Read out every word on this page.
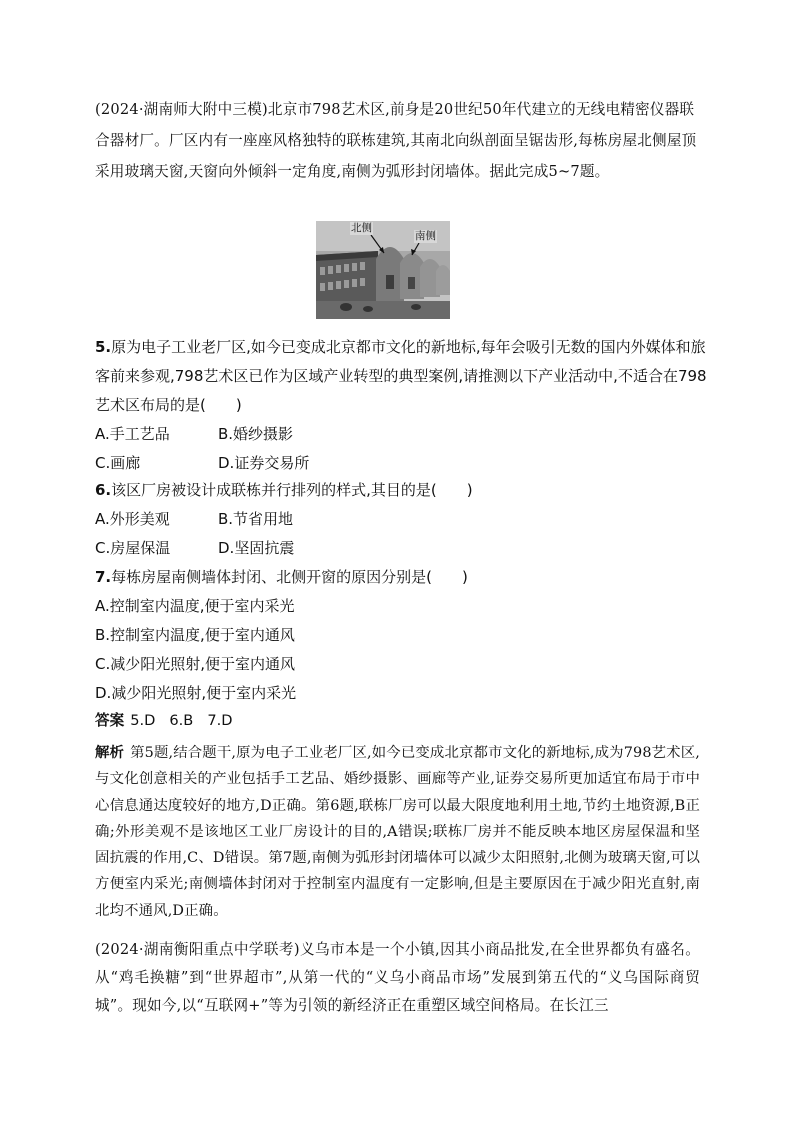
(2024·湖南师大附中三模)北京市798艺术区,前身是20世纪50年代建立的无线电精密仪器联合器材厂。厂区内有一座座风格独特的联栋建筑,其南北向纵剖面呈锯齿形,每栋房屋北侧屋顶采用玻璃天窗,天窗向外倾斜一定角度,南侧为弧形封闭墙体。据此完成5~7题。

北侧
南侧

5.原为电子工业老厂区,如今已变成北京都市文化的新地标,每年会吸引无数的国内外媒体和旅客前来参观,798艺术区已作为区域产业转型的典型案例,请推测以下产业活动中,不适合在798艺术区布局的是(　　)

A.手工艺品	B.婚纱摄影
C.画廊	D.证券交易所

6.该区厂房被设计成联栋并行排列的样式,其目的是(　　)

A.外形美观	B.节省用地
C.房屋保温	D.坚固抗震

7.每栋房屋南侧墙体封闭、北侧开窗的原因分别是(　　)

A.控制室内温度,便于室内采光
B.控制室内温度,便于室内通风
C.减少阳光照射,便于室内通风
D.减少阳光照射,便于室内采光
答案 5.D 6.B 7.D

解析 第5题,结合题干,原为电子工业老厂区,如今已变成北京都市文化的新地标,成为798艺术区,与文化创意相关的产业包括手工艺品、婚纱摄影、画廊等产业,证券交易所更加适宜布局于市中心信息通达度较好的地方,D正确。第6题,联栋厂房可以最大限度地利用土地,节约土地资源,B正确;外形美观不是该地区工业厂房设计的目的,A错误;联栋厂房并不能反映本地区房屋保温和坚固抗震的作用,C、D错误。第7题,南侧为弧形封闭墙体可以减少太阳照射,北侧为玻璃天窗,可以方便室内采光;南侧墙体封闭对于控制室内温度有一定影响,但是主要原因在于减少阳光直射,南北均不通风,D正确。

(2024·湖南衡阳重点中学联考)义乌市本是一个小镇,因其小商品批发,在全世界都负有盛名。从“鸡毛换糖”到“世界超市”,从第一代的“义乌小商品市场”发展到第五代的“义乌国际商贸城”。现如今,以“互联网+”等为引领的新经济正在重塑区域空间格局。在长江三
